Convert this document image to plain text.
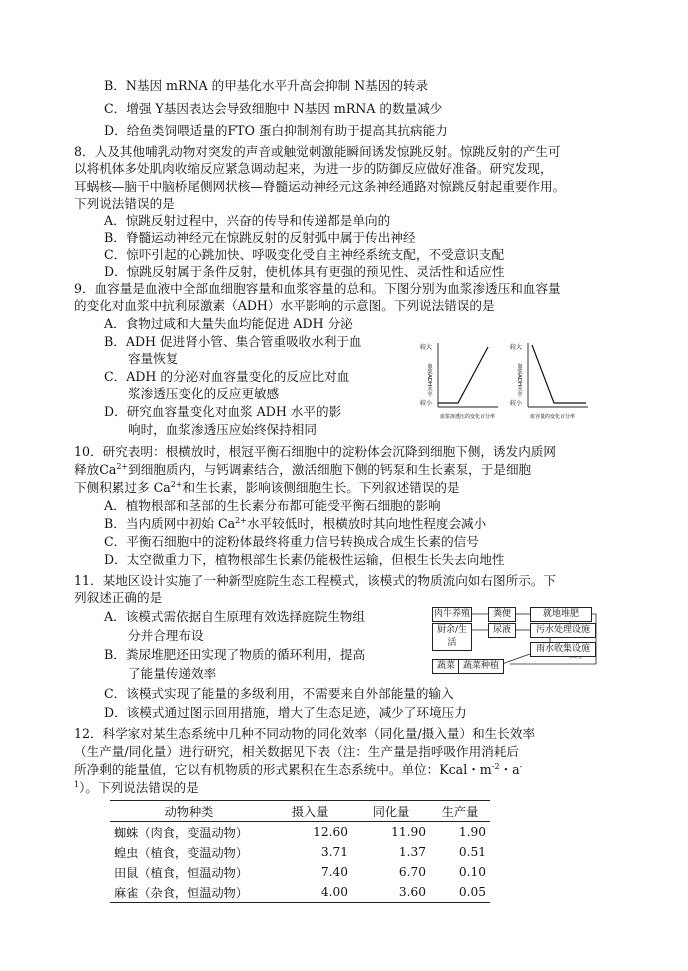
B．N基因 mRNA 的甲基化水平升高会抑制 N基因的转录
C．增强 Y基因表达会导致细胞中 N基因 mRNA 的数量减少
D．给鱼类饲喂适量的FTO 蛋白抑制剂有助于提高其抗病能力
8．人及其他哺乳动物对突发的声音或触觉刺激能瞬间诱发惊跳反射。惊跳反射的产生可
以将机体多处肌肉收缩反应紧急调动起来，为进一步的防御反应做好准备。研究发现，
耳蜗核—脑干中脑桥尾侧网状核—脊髓运动神经元这条神经通路对惊跳反射起重要作用。
下列说法错误的是
A．惊跳反射过程中，兴奋的传导和传递都是单向的
B．脊髓运动神经元在惊跳反射的反射弧中属于传出神经
C．惊吓引起的心跳加快、呼吸变化受自主神经系统支配，不受意识支配
D．惊跳反射属于条件反射，使机体具有更强的预见性、灵活性和适应性
9．血容量是血液中全部血细胞容量和血浆容量的总和。下图分别为血浆渗透压和血容量
的变化对血浆中抗利尿激素（ADH）水平影响的示意图。下列说法错误的是
A．食物过咸和大量失血均能促进 ADH 分泌
B．ADH 促进肾小管、集合管重吸收水利于血
容量恢复
C．ADH 的分泌对血容量变化的反应比对血
浆渗透压变化的反应更敏感
D．研究血容量变化对血浆 ADH 水平的影
响时，血浆渗透压应始终保持相同
较大
较小
血浆ADH水平
血浆渗透压的变化百分率
较大
较小
血浆ADH水平
血容量的变化百分率
10．研究表明：根横放时，根冠平衡石细胞中的淀粉体会沉降到细胞下侧，诱发内质网
释放$Ca^{2+}$到细胞质内，与钙调素结合，激活细胞下侧的钙泵和生长素泵，于是细胞
下侧积累过多 $Ca^{2+}$和生长素，影响该侧细胞生长。下列叙述错误的是
A．植物根部和茎部的生长素分布都可能受平衡石细胞的影响
B．当内质网中初始 $Ca^{2+}$水平较低时，根横放时其向地性程度会减小
C．平衡石细胞中的淀粉体最终将重力信号转换成合成生长素的信号
D．太空微重力下，植物根部生长素仍能极性运输，但根生长失去向地性
11．某地区设计实施了一种新型庭院生态工程模式，该模式的物质流向如右图所示。下
列叙述正确的是
A．该模式需依据自生原理有效选择庭院生物组
分并合理布设
B．粪尿堆肥还田实现了物质的循环利用，提高
了能量传递效率
C．该模式实现了能量的多级利用，不需要来自外部能量的输入
D．该模式通过图示回用措施，增大了生态足迹，减少了环境压力
肉牛养殖	粪便	就地堆肥
厨余/生活
尿液	污水处理设施
雨水收集设施
蔬菜 蔬菜种植
12．科学家对某生态系统中几种不同动物的同化效率（同化量/摄入量）和生长效率
（生产量/同化量）进行研究，相关数据见下表（注：生产量是指呼吸作用消耗后
所净剩的能量值，它以有机物质的形式累积在生态系统中。单位：Kcal・$m^{-2}$・a-
$^1$）。下列说法错误的是
动物种类	摄入量	同化量	生产量
蜘蛛（肉食，变温动物）	12.60	11.90	1.90
蝗虫（植食，变温动物）	3.71	1.37	0.51
田鼠（植食，恒温动物）	7.40	6.70	0.10
麻雀（杂食，恒温动物）	4.00	3.60	0.05
